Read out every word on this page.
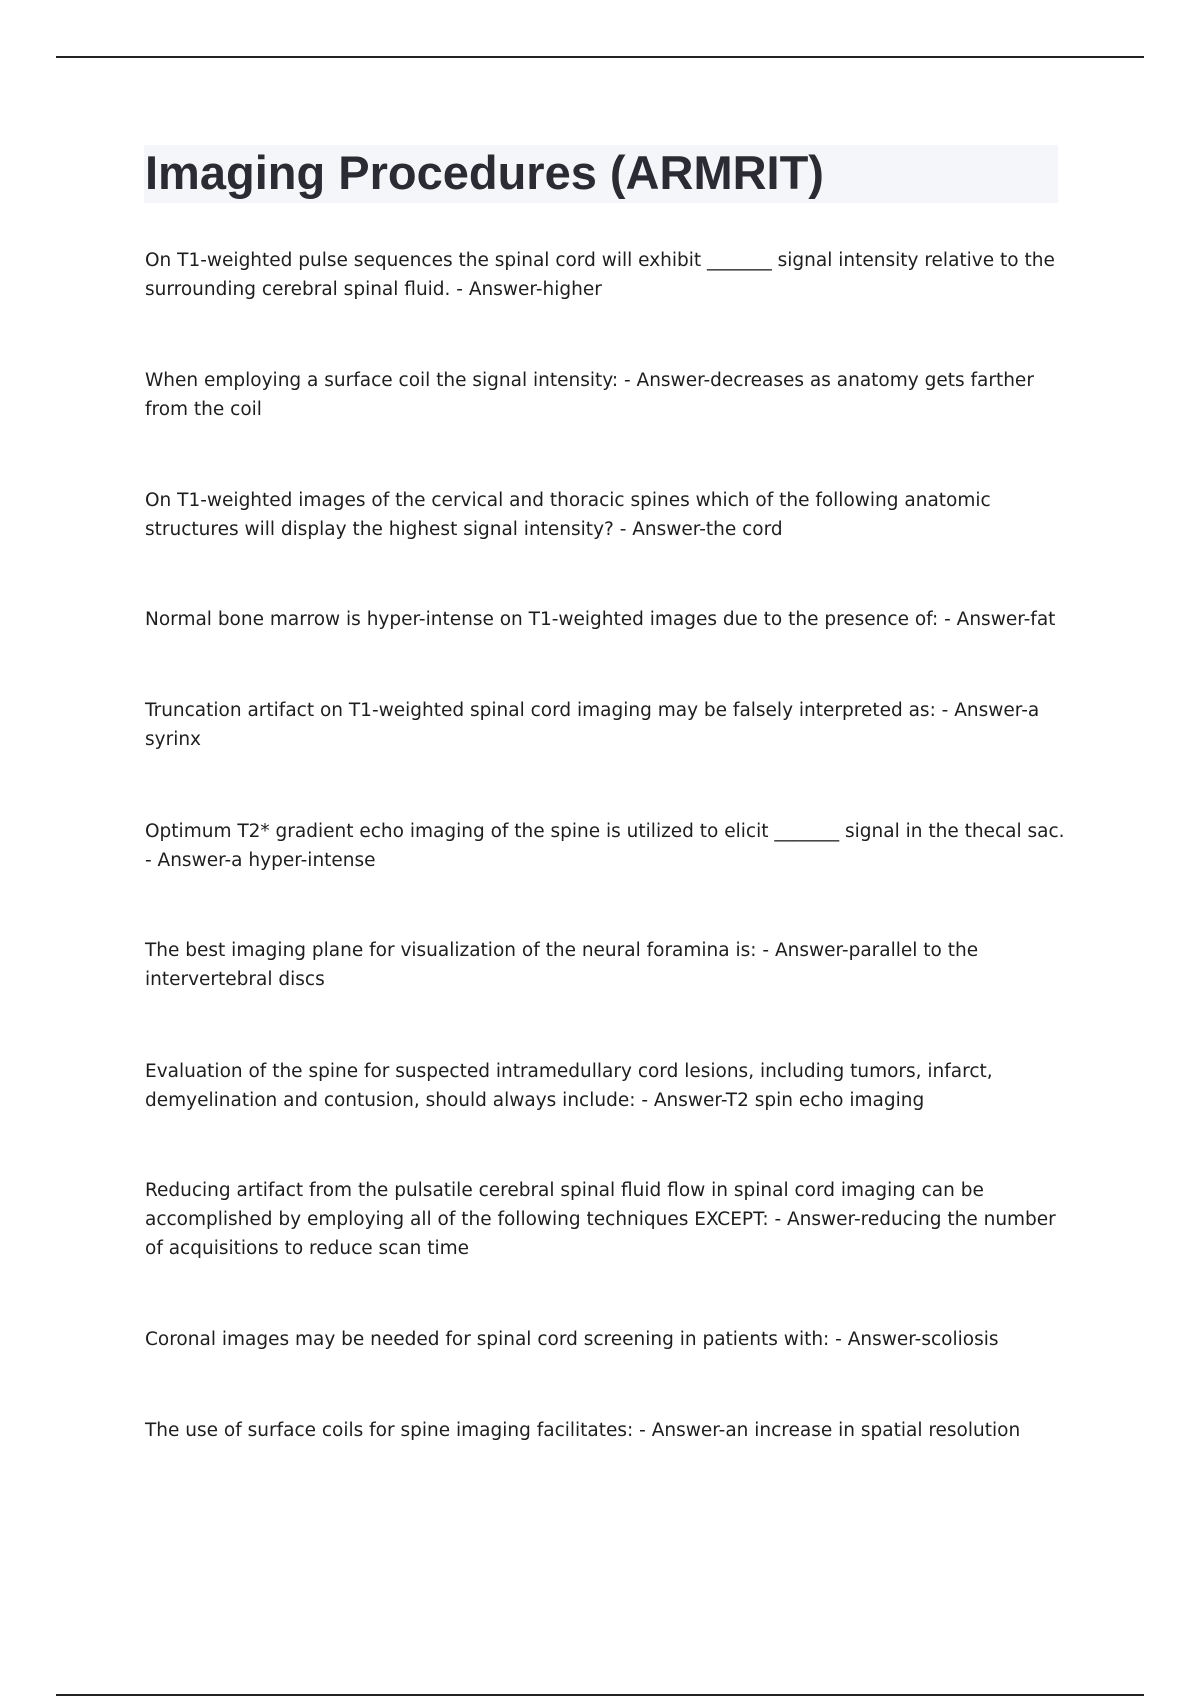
Imaging Procedures (ARMRIT)

On T1-weighted pulse sequences the spinal cord will exhibit _______ signal intensity relative to the surrounding cerebral spinal fluid. - Answer-higher

When employing a surface coil the signal intensity: - Answer-decreases as anatomy gets farther from the coil

On T1-weighted images of the cervical and thoracic spines which of the following anatomic structures will display the highest signal intensity? - Answer-the cord

Normal bone marrow is hyper-intense on T1-weighted images due to the presence of: - Answer-fat

Truncation artifact on T1-weighted spinal cord imaging may be falsely interpreted as: - Answer-a syrinx

Optimum T2* gradient echo imaging of the spine is utilized to elicit _______ signal in the thecal sac. - Answer-a hyper-intense

The best imaging plane for visualization of the neural foramina is: - Answer-parallel to the intervertebral discs

Evaluation of the spine for suspected intramedullary cord lesions, including tumors, infarct, demyelination and contusion, should always include: - Answer-T2 spin echo imaging

Reducing artifact from the pulsatile cerebral spinal fluid flow in spinal cord imaging can be accomplished by employing all of the following techniques EXCEPT: - Answer-reducing the number of acquisitions to reduce scan time

Coronal images may be needed for spinal cord screening in patients with: - Answer-scoliosis

The use of surface coils for spine imaging facilitates: - Answer-an increase in spatial resolution
